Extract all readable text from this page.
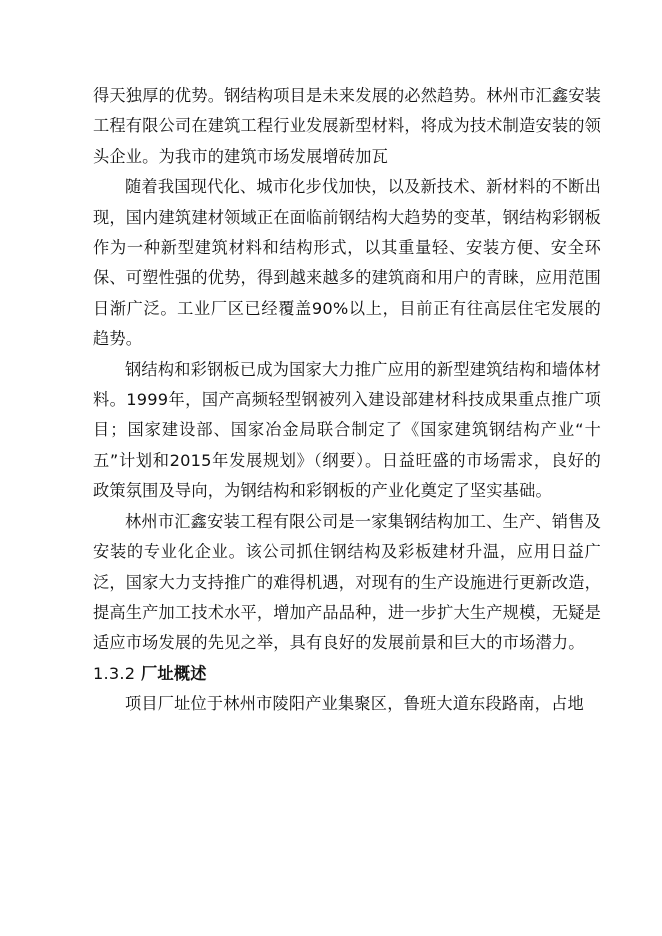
得天独厚的优势。钢结构项目是未来发展的必然趋势。林州市汇鑫安装工程有限公司在建筑工程行业发展新型材料，将成为技术制造安装的领头企业。为我市的建筑市场发展增砖加瓦

随着我国现代化、城市化步伐加快，以及新技术、新材料的不断出现，国内建筑建材领域正在面临前钢结构大趋势的变革，钢结构彩钢板作为一种新型建筑材料和结构形式，以其重量轻、安装方便、安全环保、可塑性强的优势，得到越来越多的建筑商和用户的青睐，应用范围日渐广泛。工业厂区已经覆盖90%以上，目前正有往高层住宅发展的趋势。

钢结构和彩钢板已成为国家大力推广应用的新型建筑结构和墙体材料。1999年，国产高频轻型钢被列入建设部建材科技成果重点推广项目；国家建设部、国家冶金局联合制定了《国家建筑钢结构产业“十五”计划和2015年发展规划》（纲要）。日益旺盛的市场需求，良好的政策氛围及导向，为钢结构和彩钢板的产业化奠定了坚实基础。

林州市汇鑫安装工程有限公司是一家集钢结构加工、生产、销售及安装的专业化企业。该公司抓住钢结构及彩板建材升温，应用日益广泛，国家大力支持推广的难得机遇，对现有的生产设施进行更新改造，提高生产加工技术水平，增加产品品种，进一步扩大生产规模，无疑是适应市场发展的先见之举，具有良好的发展前景和巨大的市场潜力。

1.3.2 厂址概述

项目厂址位于林州市陵阳产业集聚区，鲁班大道东段路南，占地
